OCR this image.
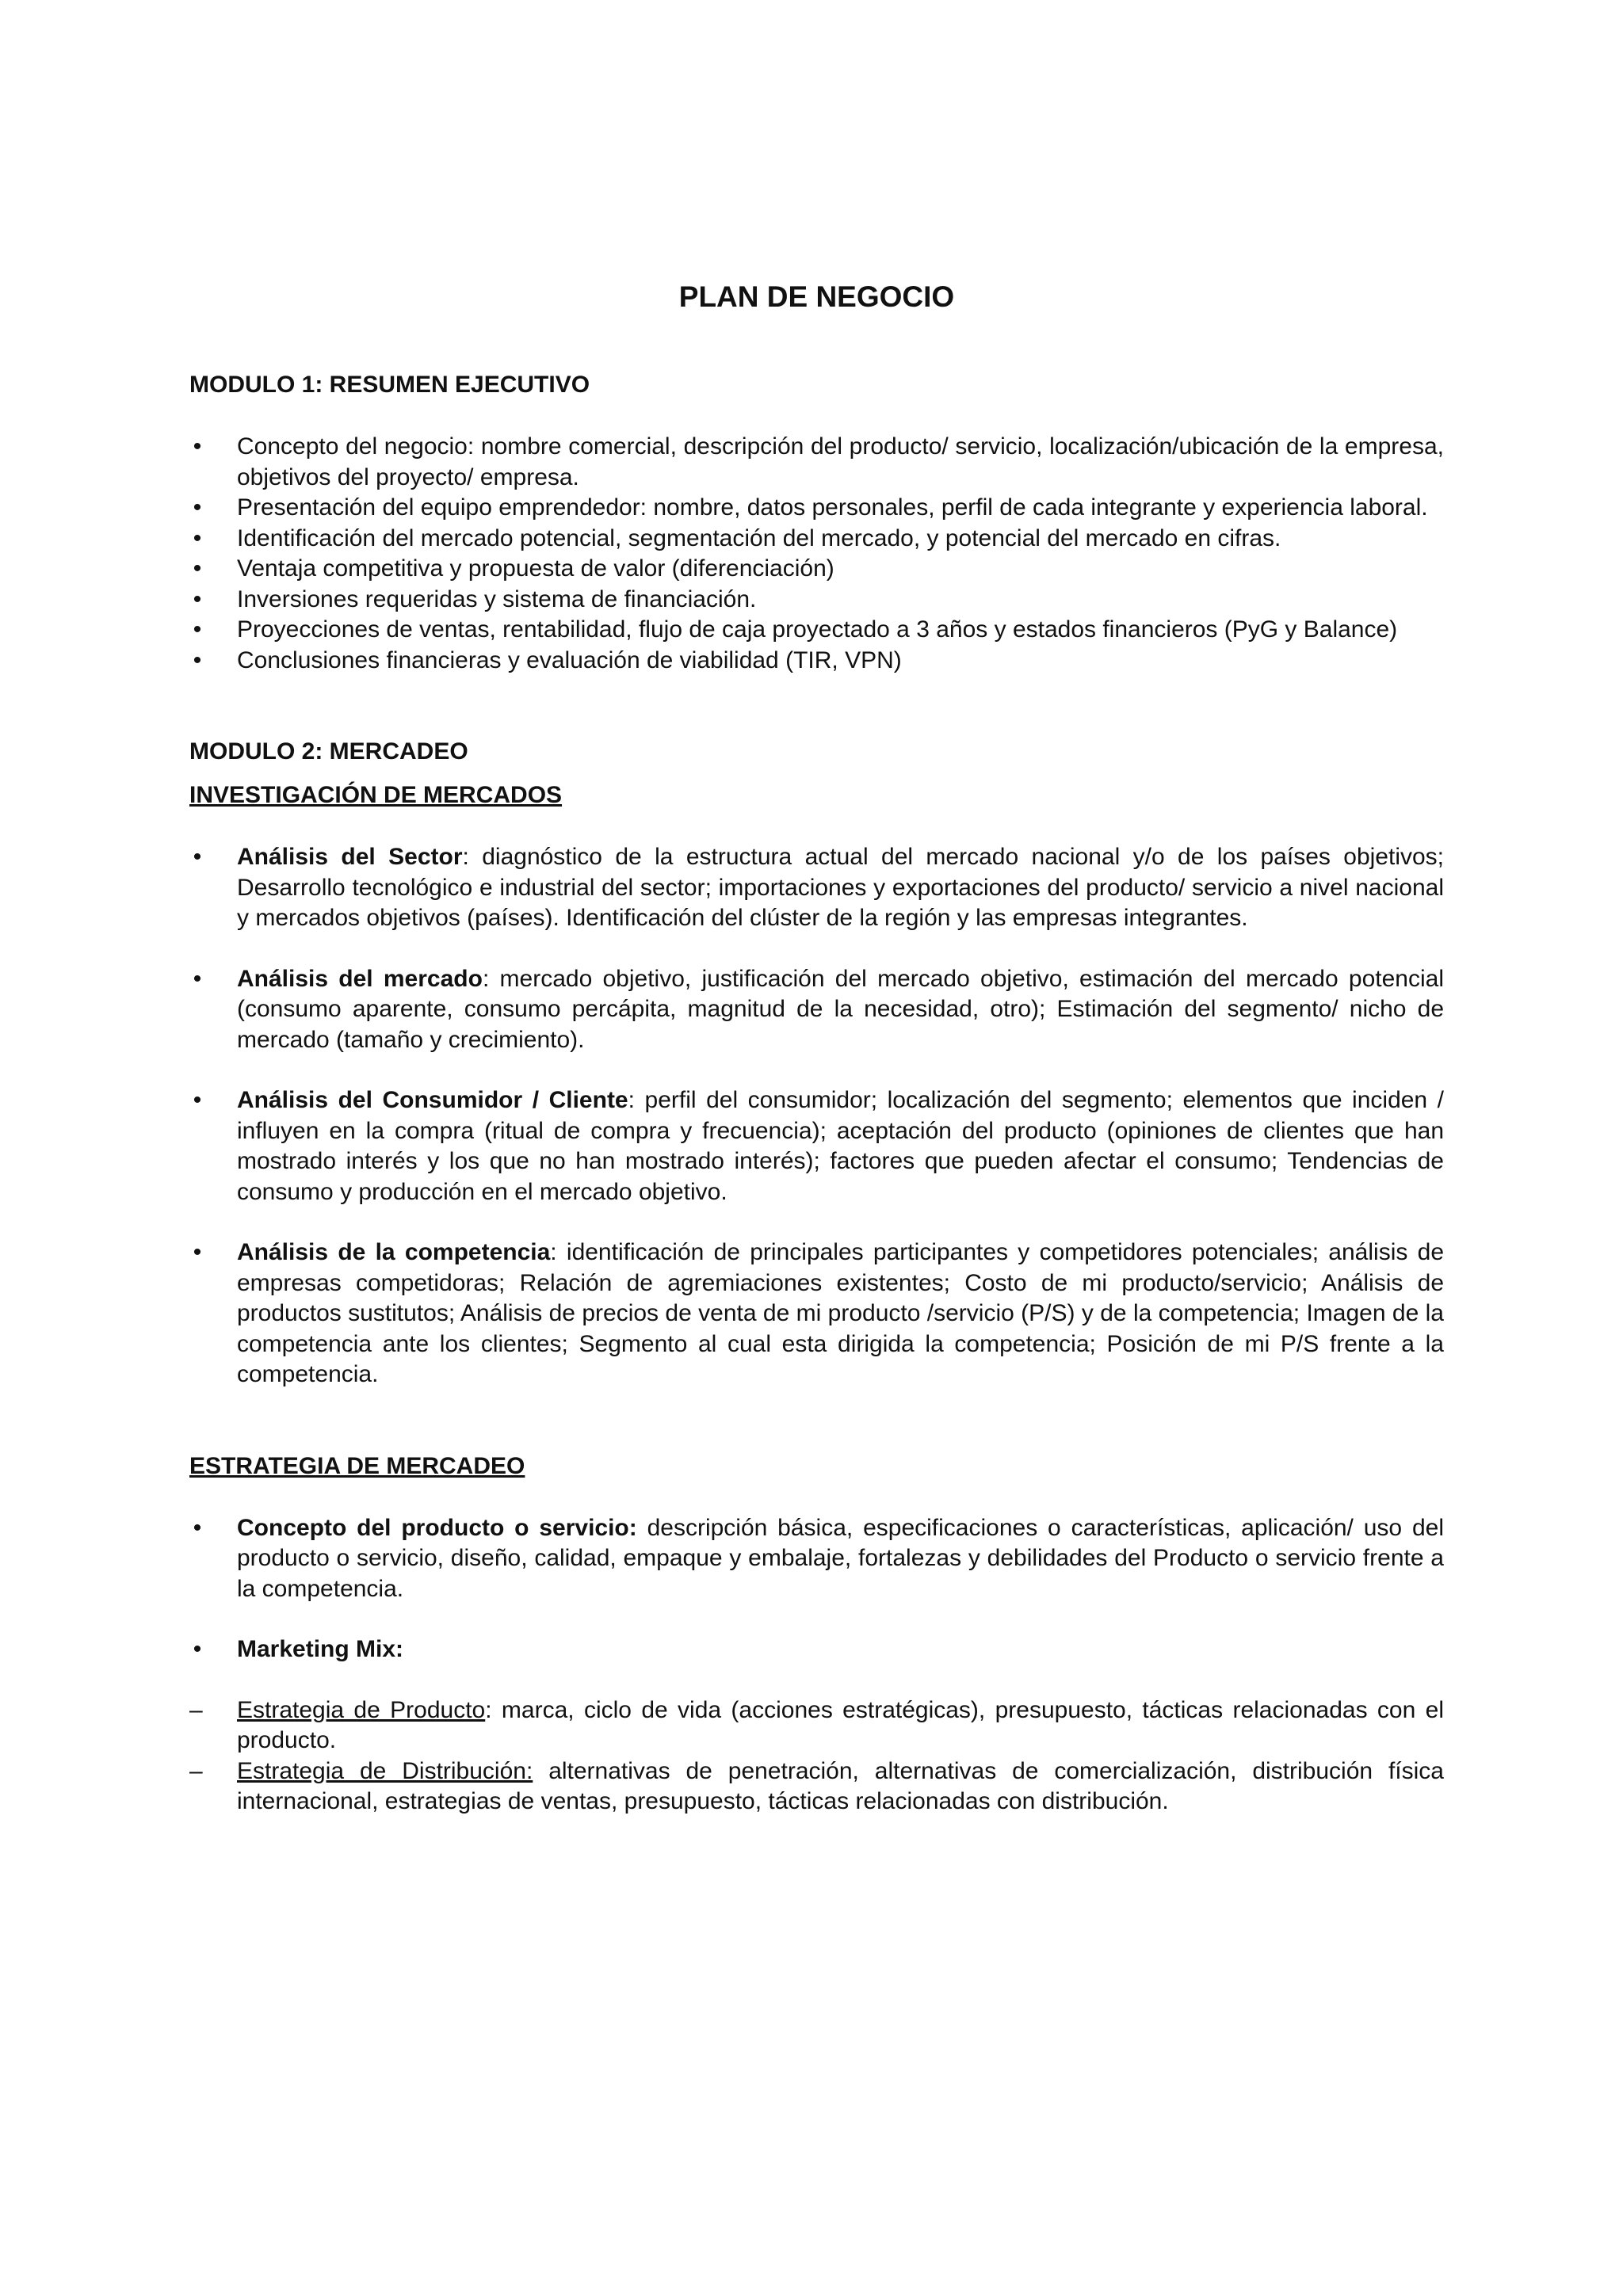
PLAN DE NEGOCIO
MODULO 1: RESUMEN EJECUTIVO
• Concepto del negocio: nombre comercial, descripción del producto/ servicio, localización/ubicación de la empresa, objetivos del proyecto/ empresa.
• Presentación del equipo emprendedor: nombre, datos personales, perfil de cada integrante y experiencia laboral.
• Identificación del mercado potencial, segmentación del mercado, y potencial del mercado en cifras.
• Ventaja competitiva y propuesta de valor (diferenciación)
• Inversiones requeridas y sistema de financiación.
• Proyecciones de ventas, rentabilidad, flujo de caja proyectado a 3 años y estados financieros (PyG y Balance)
• Conclusiones financieras y evaluación de viabilidad (TIR, VPN)
MODULO 2: MERCADEO
INVESTIGACIÓN DE MERCADOS
• Análisis del Sector: diagnóstico de la estructura actual del mercado nacional y/o de los países objetivos; Desarrollo tecnológico e industrial del sector; importaciones y exportaciones del producto/ servicio a nivel nacional y mercados objetivos (países). Identificación del clúster de la región y las empresas integrantes.
• Análisis del mercado: mercado objetivo, justificación del mercado objetivo, estimación del mercado potencial (consumo aparente, consumo percápita, magnitud de la necesidad, otro); Estimación del segmento/ nicho de mercado (tamaño y crecimiento).
• Análisis del Consumidor / Cliente: perfil del consumidor; localización del segmento; elementos que inciden / influyen en la compra (ritual de compra y frecuencia); aceptación del producto (opiniones de clientes que han mostrado interés y los que no han mostrado interés); factores que pueden afectar el consumo; Tendencias de consumo y producción en el mercado objetivo.
• Análisis de la competencia: identificación de principales participantes y competidores potenciales; análisis de empresas competidoras; Relación de agremiaciones existentes; Costo de mi producto/servicio; Análisis de productos sustitutos; Análisis de precios de venta de mi producto /servicio (P/S) y de la competencia; Imagen de la competencia ante los clientes; Segmento al cual esta dirigida la competencia; Posición de mi P/S frente a la competencia.
ESTRATEGIA DE MERCADEO
• Concepto del producto o servicio: descripción básica, especificaciones o características, aplicación/ uso del producto o servicio, diseño, calidad, empaque y embalaje, fortalezas y debilidades del Producto o servicio frente a la competencia.
• Marketing Mix:
– Estrategia de Producto: marca, ciclo de vida (acciones estratégicas), presupuesto, tácticas relacionadas con el producto.
– Estrategia de Distribución: alternativas de penetración, alternativas de comercialización, distribución física internacional, estrategias de ventas, presupuesto, tácticas relacionadas con distribución.
